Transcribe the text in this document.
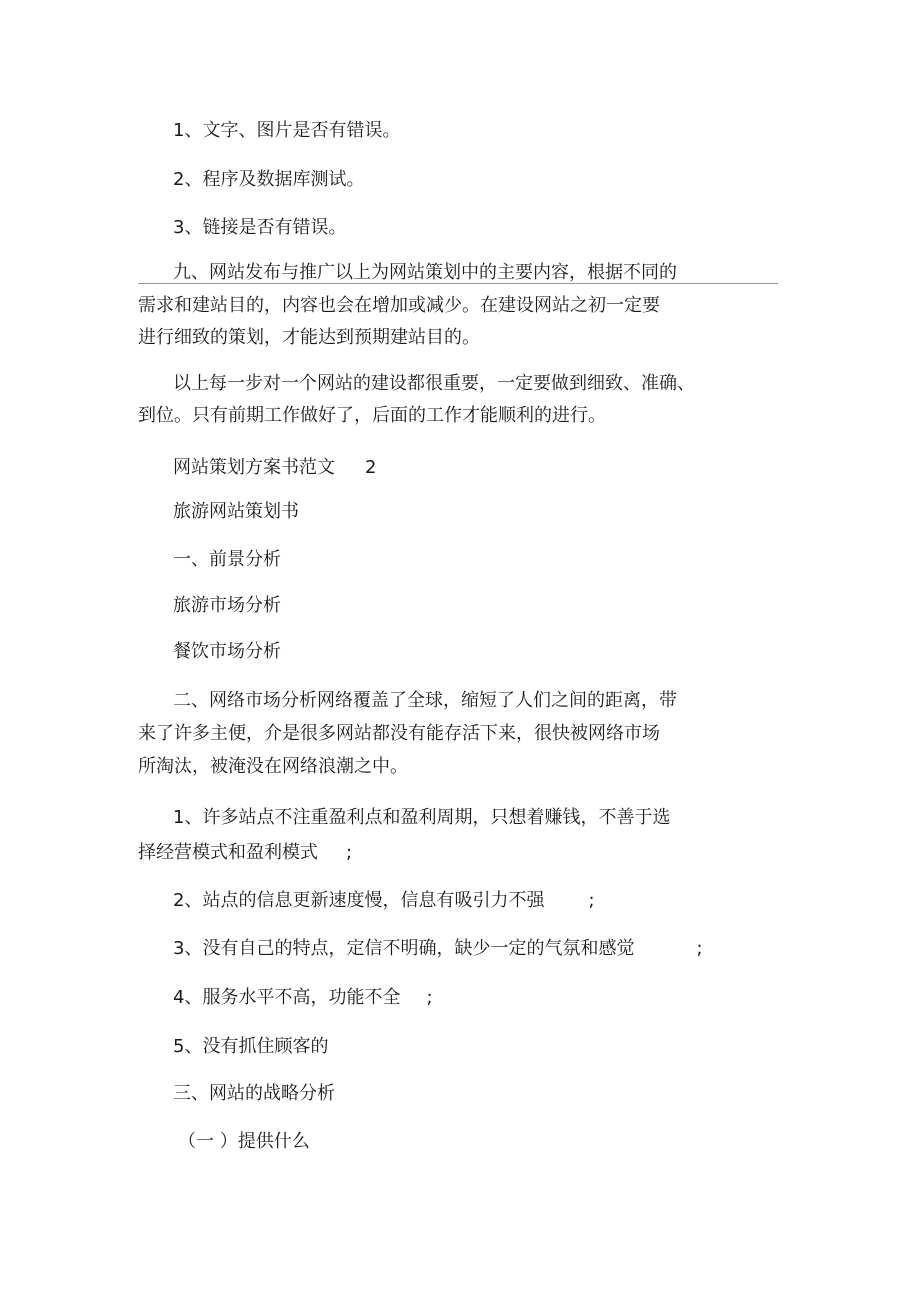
1、文字、图片是否有错误。

2、程序及数据库测试。

3、链接是否有错误。

九、网站发布与推广以上为网站策划中的主要内容，根据不同的

需求和建站目的，内容也会在增加或减少。在建设网站之初一定要

进行细致的策划，才能达到预期建站目的。

以上每一步对一个网站的建设都很重要，一定要做到细致、准确、

到位。只有前期工作做好了，后面的工作才能顺利的进行。

网站策划方案书范文 2

旅游网站策划书

一、前景分析

旅游市场分析

餐饮市场分析

二、网络市场分析网络覆盖了全球，缩短了人们之间的距离，带

来了许多主便，介是很多网站都没有能存活下来，很快被网络市场

所淘汰，被淹没在网络浪潮之中。

1、许多站点不注重盈利点和盈利周期，只想着赚钱，不善于选

择经营模式和盈利模式 ;

2、站点的信息更新速度慢，信息有吸引力不强 ;

3、没有自己的特点，定信不明确，缺少一定的气氛和感觉	;

4、服务水平不高，功能不全 ;

5、没有抓住顾客的

三、网站的战略分析

（一 ）提供什么
